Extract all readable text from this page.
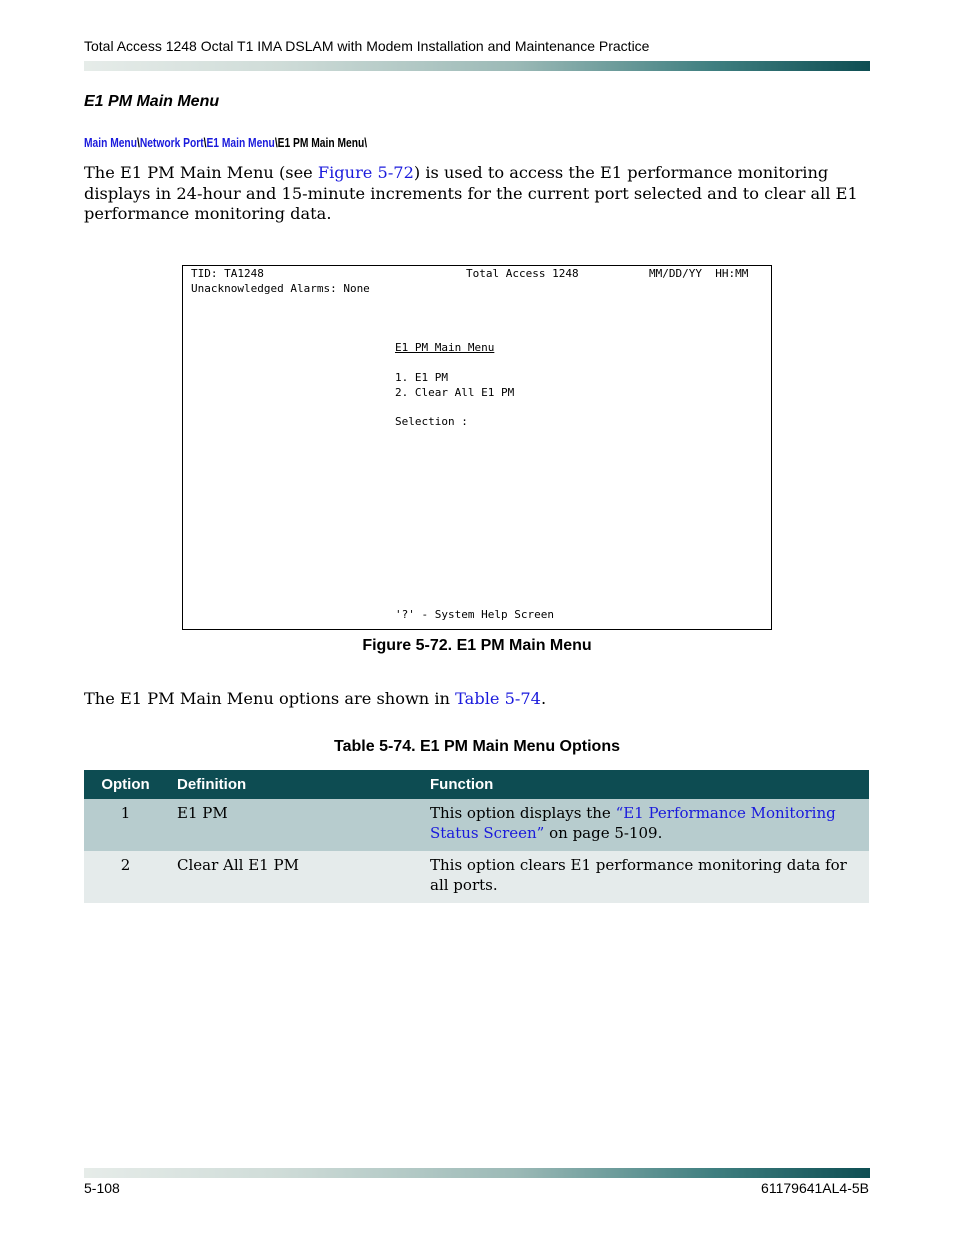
Total Access 1248 Octal T1 IMA DSLAM with Modem Installation and Maintenance Practice
E1 PM Main Menu
Main Menu\Network Port\E1 Main Menu\E1 PM Main Menu\
The E1 PM Main Menu (see Figure 5-72) is used to access the E1 performance monitoring displays in 24-hour and 15-minute increments for the current port selected and to clear all E1 performance monitoring data.
TID: TA1248	Total Access 1248	MM/DD/YY  HH:MM
Unacknowledged Alarms: None
E1 PM Main Menu
1. E1 PM
2. Clear All E1 PM
Selection :
'?' - System Help Screen
Figure 5-72. E1 PM Main Menu
The E1 PM Main Menu options are shown in Table 5-74.
Table 5-74. E1 PM Main Menu Options
Option	Definition	Function
1	E1 PM	This option displays the “E1 Performance Monitoring Status Screen” on page 5-109.
2	Clear All E1 PM	This option clears E1 performance monitoring data for all ports.
5-108	61179641AL4-5B
